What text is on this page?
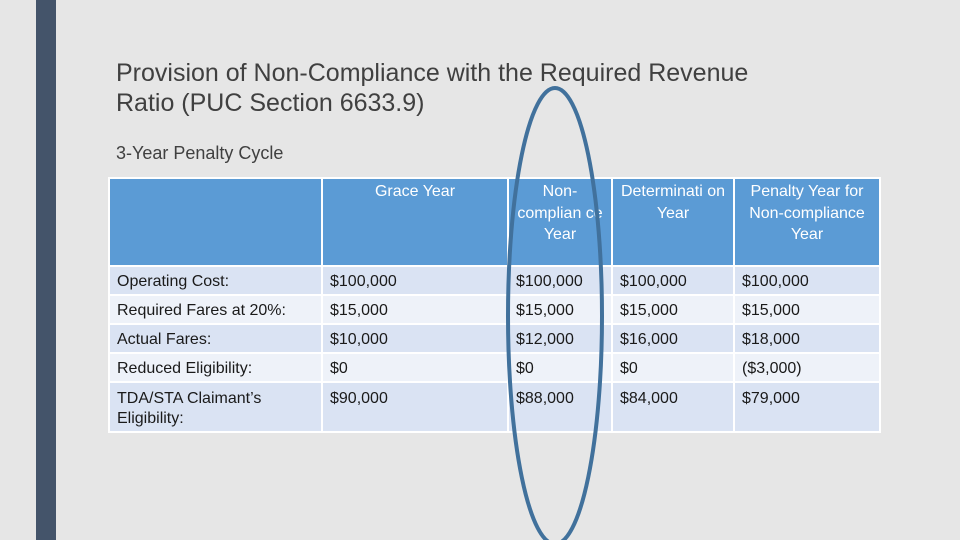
Provision of Non-Compliance with the Required Revenue
Ratio (PUC Section 6633.9)
3-Year Penalty Cycle
	Grace Year	Non-complian ce Year	Determinati on Year	Penalty Year for Non-compliance Year
Operating Cost:	$100,000	$100,000	$100,000	$100,000
Required Fares at 20%:	$15,000	$15,000	$15,000	$15,000
Actual Fares:	$10,000	$12,000	$16,000	$18,000
Reduced Eligibility:	$0	$0	$0	($3,000)
TDA/STA Claimant’s Eligibility:	$90,000	$88,000	$84,000	$79,000
